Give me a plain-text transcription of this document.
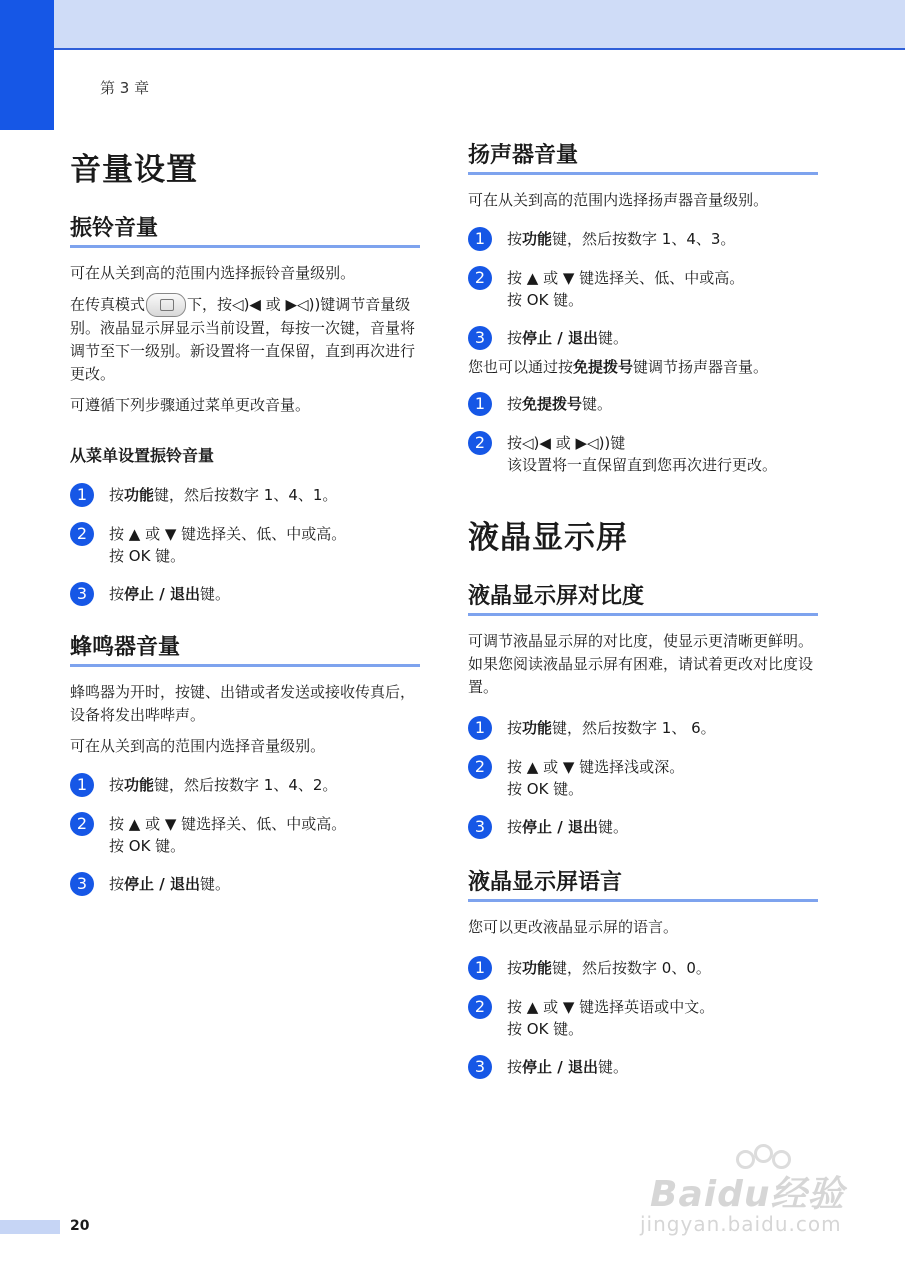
第 3 章
音量设置
振铃音量

可在从关到高的范围内选择振铃音量级别。

在传真模式	下，按◁)◀ 或 ▶◁))键调节音量级别。液晶显示屏显示当前设置，每按一次键，音量将调节至下一级别。新设置将一直保留，直到再次进行更改。

可遵循下列步骤通过菜单更改音量。

从菜单设置振铃音量
1	按功能键，然后按数字 1、4、1。
2	按 ▲ 或 ▼ 键选择关、低、中或高。
按 OK 键。
3	按停止 / 退出键。
蜂鸣器音量

蜂鸣器为开时，按键、出错或者发送或接收传真后，设备将发出哔哔声。

可在从关到高的范围内选择音量级别。

1	按功能键，然后按数字 1、4、2。
2	按 ▲ 或 ▼ 键选择关、低、中或高。
按 OK 键。
3	按停止 / 退出键。
扬声器音量

可在从关到高的范围内选择扬声器音量级别。

1	按功能键，然后按数字 1、4、3。
2	按 ▲ 或 ▼ 键选择关、低、中或高。
按 OK 键。
3	按停止 / 退出键。

您也可以通过按免提拨号键调节扬声器音量。

1	按免提拨号键。
2	按◁)◀ 或 ▶◁))键
该设置将一直保留直到您再次进行更改。
液晶显示屏
液晶显示屏对比度

可调节液晶显示屏的对比度，使显示更清晰更鲜明。如果您阅读液晶显示屏有困难，请试着更改对比度设置。

1	按功能键，然后按数字 1、 6。
2	按 ▲ 或 ▼ 键选择浅或深。
按 OK 键。
3	按停止 / 退出键。
液晶显示屏语言

您可以更改液晶显示屏的语言。

1	按功能键，然后按数字 0、0。
2	按 ▲ 或 ▼ 键选择英语或中文。
按 OK 键。
3	按停止 / 退出键。
Baidu经验
jingyan.baidu.com
20
